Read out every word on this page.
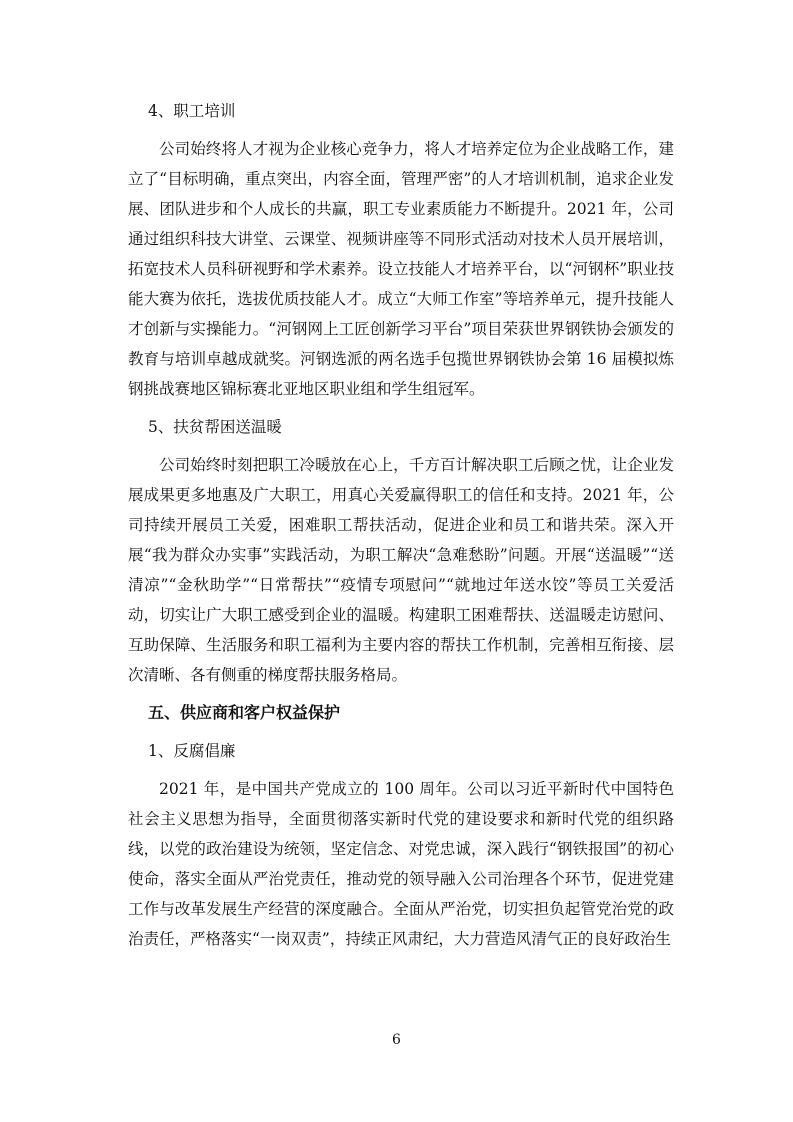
4、职工培训

公司始终将人才视为企业核心竞争力，将人才培养定位为企业战略工作，建立了“目标明确，重点突出，内容全面，管理严密”的人才培训机制，追求企业发展、团队进步和个人成长的共赢，职工专业素质能力不断提升。2021 年，公司通过组织科技大讲堂、云课堂、视频讲座等不同形式活动对技术人员开展培训，拓宽技术人员科研视野和学术素养。设立技能人才培养平台，以“河钢杯”职业技能大赛为依托，选拔优质技能人才。成立“大师工作室”等培养单元，提升技能人才创新与实操能力。“河钢网上工匠创新学习平台”项目荣获世界钢铁协会颁发的教育与培训卓越成就奖。河钢选派的两名选手包揽世界钢铁协会第 16 届模拟炼钢挑战赛地区锦标赛北亚地区职业组和学生组冠军。

5、扶贫帮困送温暖

公司始终时刻把职工冷暖放在心上，千方百计解决职工后顾之忧，让企业发展成果更多地惠及广大职工，用真心关爱赢得职工的信任和支持。2021 年，公司持续开展员工关爱，困难职工帮扶活动，促进企业和员工和谐共荣。深入开展“我为群众办实事”实践活动，为职工解决“急难愁盼”问题。开展“送温暖”“送清凉”“金秋助学”“日常帮扶”“疫情专项慰问”“就地过年送水饺”等员工关爱活动，切实让广大职工感受到企业的温暖。构建职工困难帮扶、送温暖走访慰问、互助保障、生活服务和职工福利为主要内容的帮扶工作机制，完善相互衔接、层次清晰、各有侧重的梯度帮扶服务格局。

五、供应商和客户权益保护

1、反腐倡廉

2021 年，是中国共产党成立的 100 周年。公司以习近平新时代中国特色社会主义思想为指导，全面贯彻落实新时代党的建设要求和新时代党的组织路线，以党的政治建设为统领，坚定信念、对党忠诚，深入践行“钢铁报国”的初心使命，落实全面从严治党责任，推动党的领导融入公司治理各个环节，促进党建工作与改革发展生产经营的深度融合。全面从严治党，切实担负起管党治党的政治责任，严格落实“一岗双责”，持续正风肃纪，大力营造风清气正的良好政治生

6
